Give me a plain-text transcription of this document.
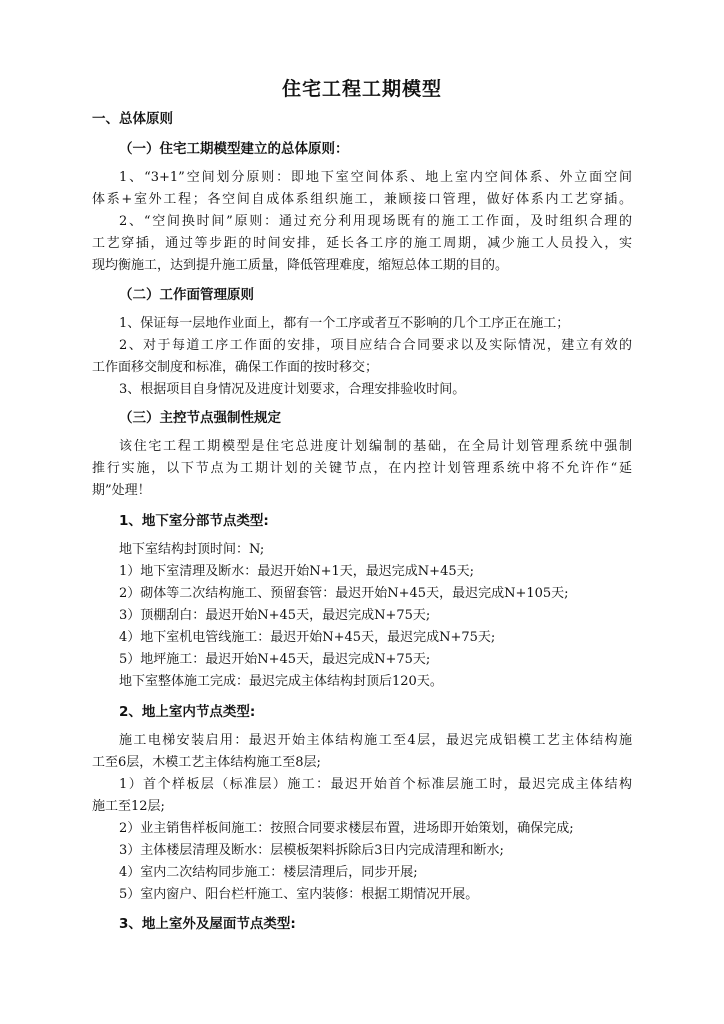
住宅工程工期模型
一、总体原则
（一）住宅工期模型建立的总体原则：
1、“3+1”空间划分原则：即地下室空间体系、地上室内空间体系、外立面空间
体系+室外工程；各空间自成体系组织施工，兼顾接口管理，做好体系内工艺穿插。
2、“空间换时间”原则：通过充分利用现场既有的施工工作面，及时组织合理的
工艺穿插，通过等步距的时间安排，延长各工序的施工周期，减少施工人员投入，实
现均衡施工，达到提升施工质量，降低管理难度，缩短总体工期的目的。
（二）工作面管理原则
1、保证每一层地作业面上，都有一个工序或者互不影响的几个工序正在施工；
2、对于每道工序工作面的安排，项目应结合合同要求以及实际情况，建立有效的
工作面移交制度和标准，确保工作面的按时移交；
3、根据项目自身情况及进度计划要求，合理安排验收时间。
（三）主控节点强制性规定
该住宅工程工期模型是住宅总进度计划编制的基础，在全局计划管理系统中强制
推行实施，以下节点为工期计划的关键节点，在内控计划管理系统中将不允许作“延
期”处理！
1、地下室分部节点类型:
地下室结构封顶时间：N;
1）地下室清理及断水：最迟开始N+1天，最迟完成N+45天;
2）砌体等二次结构施工、预留套管：最迟开始N+45天，最迟完成N+105天;
3）顶棚刮白：最迟开始N+45天，最迟完成N+75天;
4）地下室机电管线施工：最迟开始N+45天，最迟完成N+75天;
5）地坪施工：最迟开始N+45天，最迟完成N+75天;
地下室整体施工完成：最迟完成主体结构封顶后120天。
2、地上室内节点类型:
施工电梯安装启用：最迟开始主体结构施工至4层，最迟完成铝模工艺主体结构施
工至6层，木模工艺主体结构施工至8层;
1）首个样板层（标准层）施工：最迟开始首个标准层施工时，最迟完成主体结构
施工至12层;
2）业主销售样板间施工：按照合同要求楼层布置，进场即开始策划，确保完成;
3）主体楼层清理及断水：层模板架料拆除后3日内完成清理和断水;
4）室内二次结构同步施工：楼层清理后，同步开展;
5）室内窗户、阳台栏杆施工、室内装修：根据工期情况开展。
3、地上室外及屋面节点类型:
